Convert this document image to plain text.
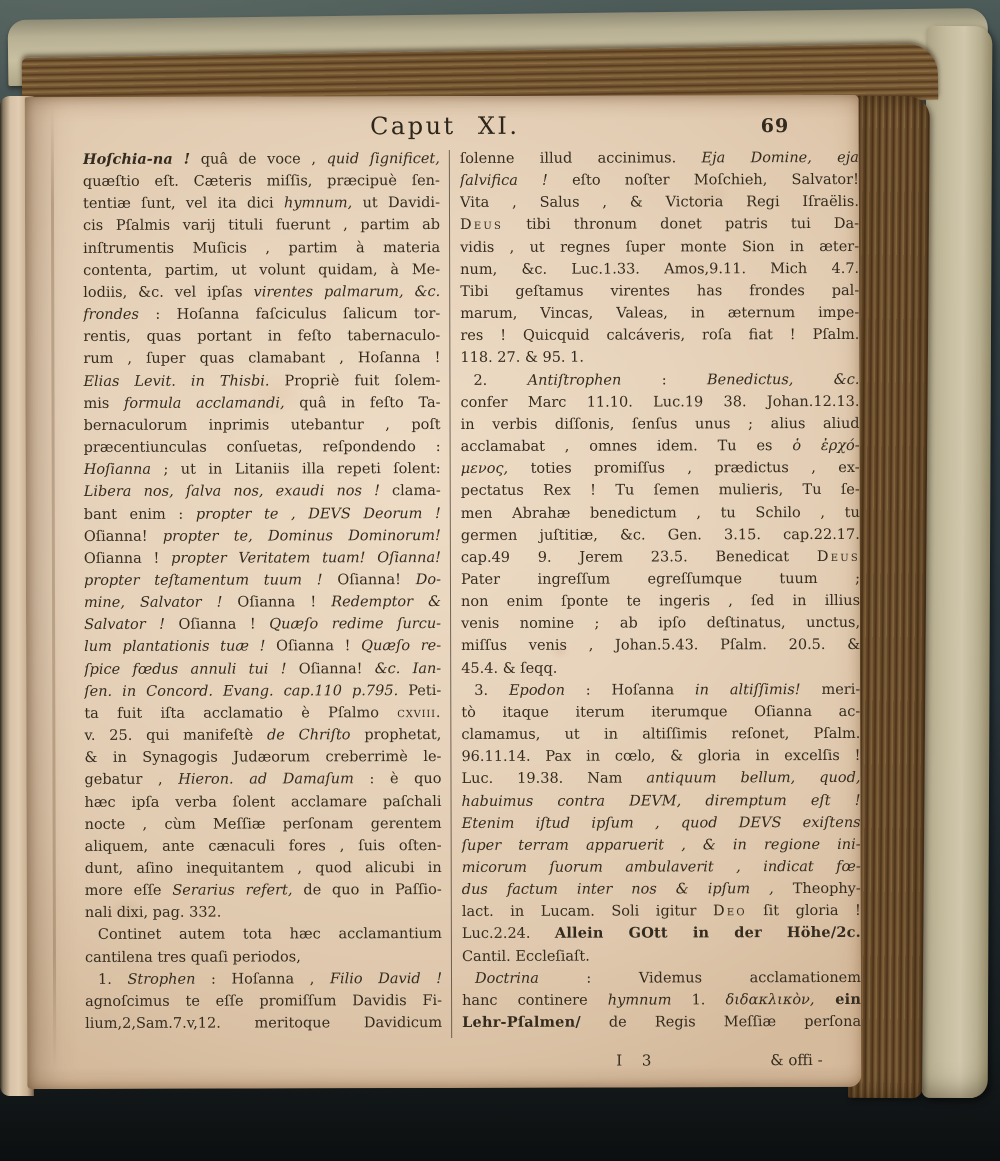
Caput XI.	69
Hoſchia-na ! quâ de voce , quid ſignificet,
quæſtio eſt. Cæteris miſſis, præcipuè ſen-
tentiæ ſunt, vel ita dici hymnum, ut Davidi-
cis Pſalmis varij tituli fuerunt , partim ab
inſtrumentis Muſicis , partim à materia
contenta, partim, ut volunt quidam, à Me-
lodiis, &c. vel ipſas virentes palmarum, &c.
frondes : Hoſanna faſciculus ſalicum tor-
rentis, quas portant in feſto tabernaculo-
rum , ſuper quas clamabant , Hoſanna !
Elias Levit. in Thisbi. Propriè fuit ſolem-
mis formula acclamandi, quâ in feſto Ta-
bernaculorum inprimis utebantur , poſt
præcentiunculas conſuetas, reſpondendo :
Hoſianna ; ut in Litaniis illa repeti ſolent:
Libera nos, ſalva nos, exaudi nos ! clama-
bant enim : propter te , DEVS Deorum !
Oſianna! propter te, Dominus Dominorum!
Oſianna ! propter Veritatem tuam! Oſianna!
propter teſtamentum tuum ! Oſianna! Do-
mine, Salvator ! Oſianna ! Redemptor &
Salvator ! Oſianna ! Quæſo redime ſurcu-
lum plantationis tuæ ! Oſianna ! Quæſo re-
ſpice fœdus annuli tui ! Oſianna! &c. Ian-
ſen. in Concord. Evang. cap.110 p.795. Peti-
ta fuit iſta acclamatio è Pſalmo cxviii.
v. 25. qui manifeſtè de Chriſto prophetat,
& in Synagogis Judæorum creberrimè le-
gebatur , Hieron. ad Damaſum : è quo
hæc ipſa verba ſolent acclamare paſchali
nocte , cùm Meſſiæ perſonam gerentem
aliquem, ante cænaculi fores , ſuis oſten-
dunt, aſino inequitantem , quod alicubi in
more eſſe Serarius refert, de quo in Paſſio-
nali dixi, pag. 332.
Continet autem tota hæc acclamantium
cantilena tres quaſi periodos,
1. Strophen : Hoſanna , Filio David !
agnoſcimus te eſſe promiſſum Davidis Fi-
lium,2,Sam.7.v,12. meritoque Davidicum
ſolenne illud accinimus. Eja Domine, eja
ſalvifica ! eſto noſter Moſchieh, Salvator!
Vita , Salus , & Victoria Regi Iſraëlis.
Deus tibi thronum donet patris tui Da-
vidis , ut regnes ſuper monte Sion in æter-
num, &c. Luc.1.33. Amos,9.11. Mich 4.7.
Tibi geſtamus virentes has frondes pal-
marum, Vincas, Valeas, in æternum impe-
res ! Quicquid calcáveris, roſa fiat ! Pſalm.
118. 27. & 95. 1.
2. Antiſtrophen : Benedictus, &c.
confer Marc 11.10. Luc.19 38. Johan.12.13.
in verbis diſſonis, ſenſus unus ; alius aliud
acclamabat , omnes idem. Tu es ὁ ἐρχό-
μενος, toties promiſſus , prædictus , ex-
pectatus Rex ! Tu ſemen mulieris, Tu ſe-
men Abrahæ benedictum , tu Schilo , tu
germen juſtitiæ, &c. Gen. 3.15. cap.22.17.
cap.49 9. Jerem 23.5. Benedicat Deus
Pater ingreſſum egreſſumque tuum ;
non enim ſponte te ingeris , ſed in illius
venis nomine ; ab ipſo deſtinatus, unctus,
miſſus venis , Johan.5.43. Pſalm. 20.5. &
45.4. & ſeqq.
3. Epodon : Hoſanna in altiſſimis! meri-
tò itaque iterum iterumque Oſianna ac-
clamamus, ut in altiſſimis reſonet, Pſalm.
96.11.14. Pax in cœlo, & gloria in excelſis !
Luc. 19.38. Nam antiquum bellum, quod,
habuimus contra DEVM, diremptum eſt !
Etenim iſtud ipſum , quod DEVS exiſtens
ſuper terram apparuerit , & in regione ini-
micorum ſuorum ambulaverit , indicat fœ-
dus factum inter nos & ipſum , Theophy-
lact. in Lucam. Soli igitur Deo ſit gloria !
Luc.2.24. Allein GOtt in der Höhe/2c.
Cantil. Eccleſiaſt.
Doctrina : Videmus acclamationem
hanc continere hymnum 1. διδακλικὸν, ein
Lehr-Pſalmen/ de Regis Meſſiæ perſona
I 3	& offi -
